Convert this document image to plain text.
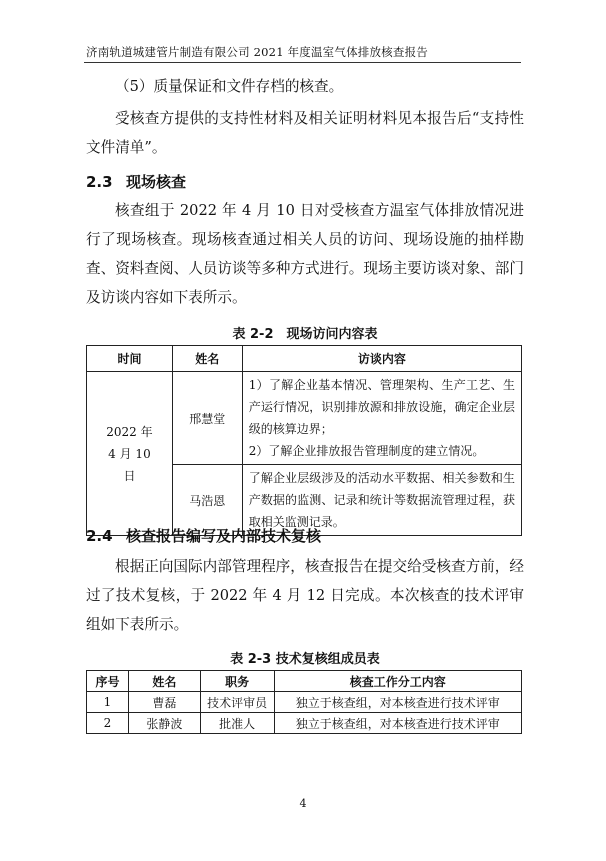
济南轨道城建管片制造有限公司 2021 年度温室气体排放核查报告
（5）质量保证和文件存档的核查。
受核查方提供的支持性材料及相关证明材料见本报告后“支持性文件清单”。
2.3 现场核查
核查组于 2022 年 4 月 10 日对受核查方温室气体排放情况进行了现场核查。现场核查通过相关人员的访问、现场设施的抽样勘查、资料查阅、人员访谈等多种方式进行。现场主要访谈对象、部门及访谈内容如下表所示。
表 2-2　现场访问内容表
时间	姓名	访谈内容
2022 年 4 月 10 日	邢慧堂	1）了解企业基本情况、管理架构、生产工艺、生产运行情况，识别排放源和排放设施，确定企业层级的核算边界；
2）了解企业排放报告管理制度的建立情况。

	马浩恩	了解企业层级涉及的活动水平数据、相关参数和生产数据的监测、记录和统计等数据流管理过程，获取相关监测记录。
2.4 核查报告编写及内部技术复核
根据正向国际内部管理程序，核查报告在提交给受核查方前，经过了技术复核，于 2022 年 4 月 12 日完成。本次核查的技术评审组如下表所示。
表 2-3 技术复核组成员表
序号	姓名	职务	核查工作分工内容
1	曹磊	技术评审员	独立于核查组，对本核查进行技术评审
2	张静波	批准人	独立于核查组，对本核查进行技术评审
4
